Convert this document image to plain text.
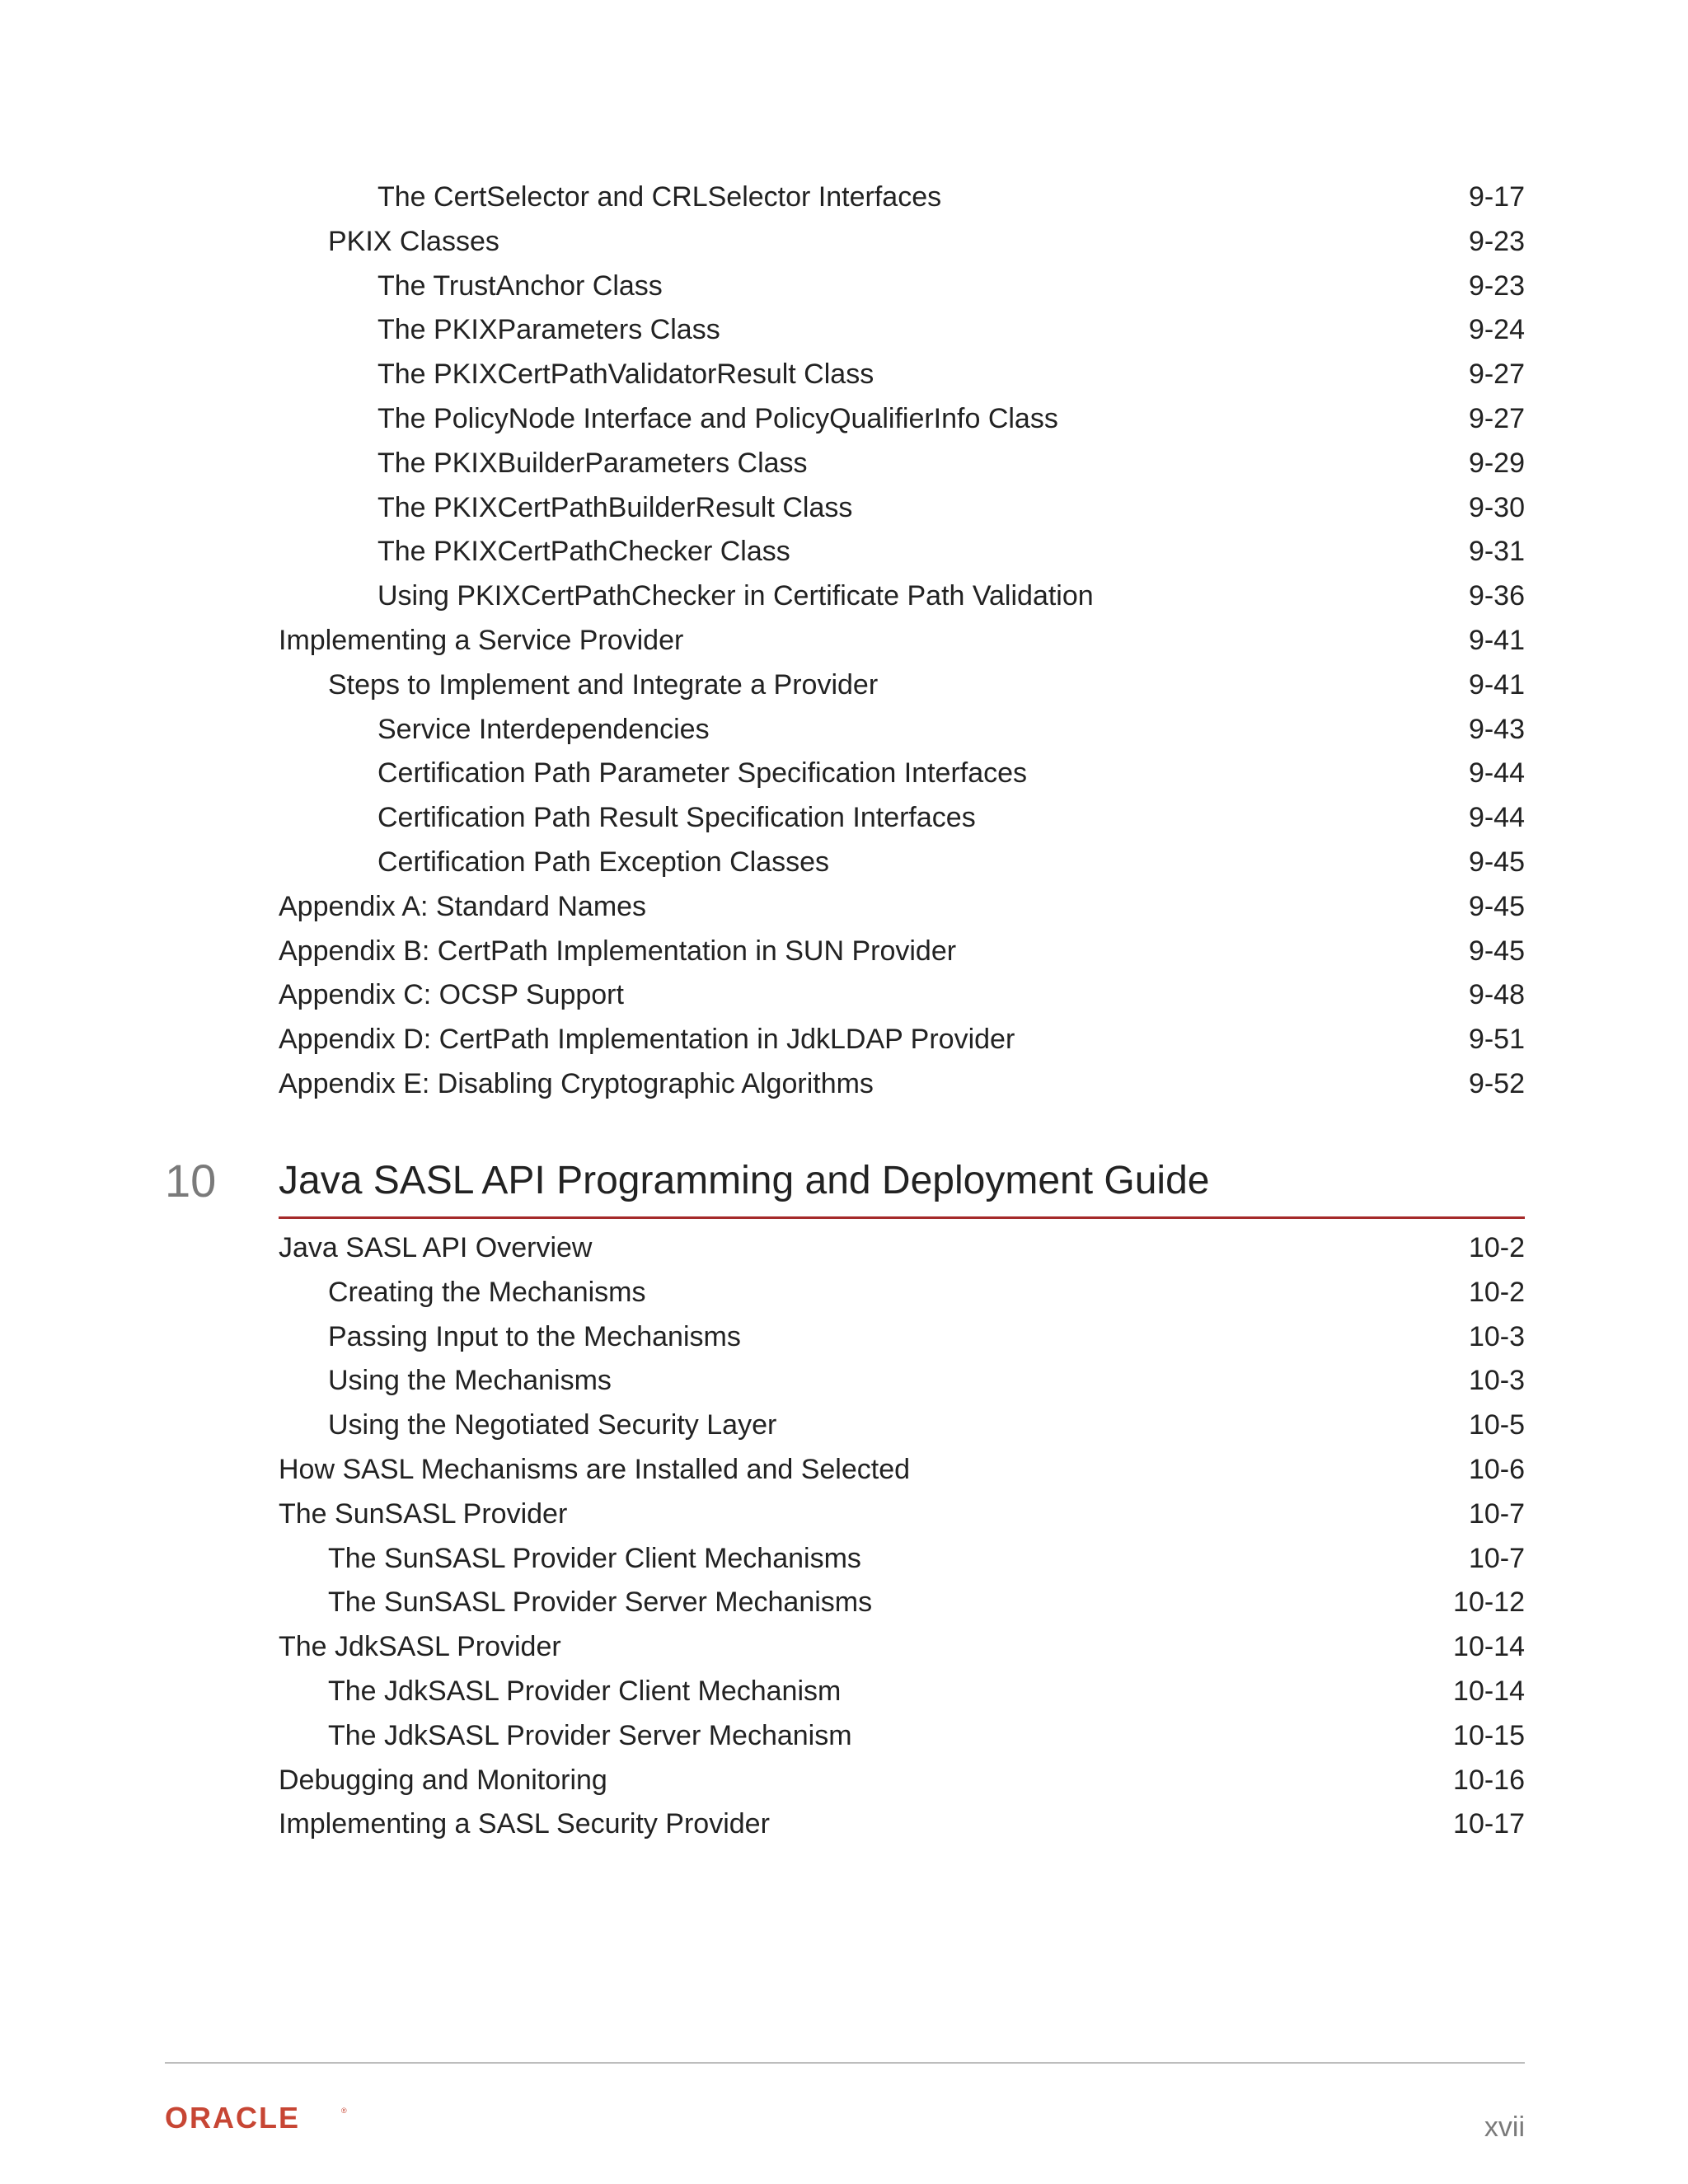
The CertSelector and CRLSelector Interfaces	9-17
PKIX Classes	9-23
The TrustAnchor Class	9-23
The PKIXParameters Class	9-24
The PKIXCertPathValidatorResult Class	9-27
The PolicyNode Interface and PolicyQualifierInfo Class	9-27
The PKIXBuilderParameters Class	9-29
The PKIXCertPathBuilderResult Class	9-30
The PKIXCertPathChecker Class	9-31
Using PKIXCertPathChecker in Certificate Path Validation	9-36
Implementing a Service Provider	9-41
Steps to Implement and Integrate a Provider	9-41
Service Interdependencies	9-43
Certification Path Parameter Specification Interfaces	9-44
Certification Path Result Specification Interfaces	9-44
Certification Path Exception Classes	9-45
Appendix A: Standard Names	9-45
Appendix B: CertPath Implementation in SUN Provider	9-45
Appendix C: OCSP Support	9-48
Appendix D: CertPath Implementation in JdkLDAP Provider	9-51
Appendix E: Disabling Cryptographic Algorithms	9-52
10 Java SASL API Programming and Deployment Guide
Java SASL API Overview	10-2
Creating the Mechanisms	10-2
Passing Input to the Mechanisms	10-3
Using the Mechanisms	10-3
Using the Negotiated Security Layer	10-5
How SASL Mechanisms are Installed and Selected	10-6
The SunSASL Provider	10-7
The SunSASL Provider Client Mechanisms	10-7
The SunSASL Provider Server Mechanisms	10-12
The JdkSASL Provider	10-14
The JdkSASL Provider Client Mechanism	10-14
The JdkSASL Provider Server Mechanism	10-15
Debugging and Monitoring	10-16
Implementing a SASL Security Provider	10-17
ORACLE	®
xvii
